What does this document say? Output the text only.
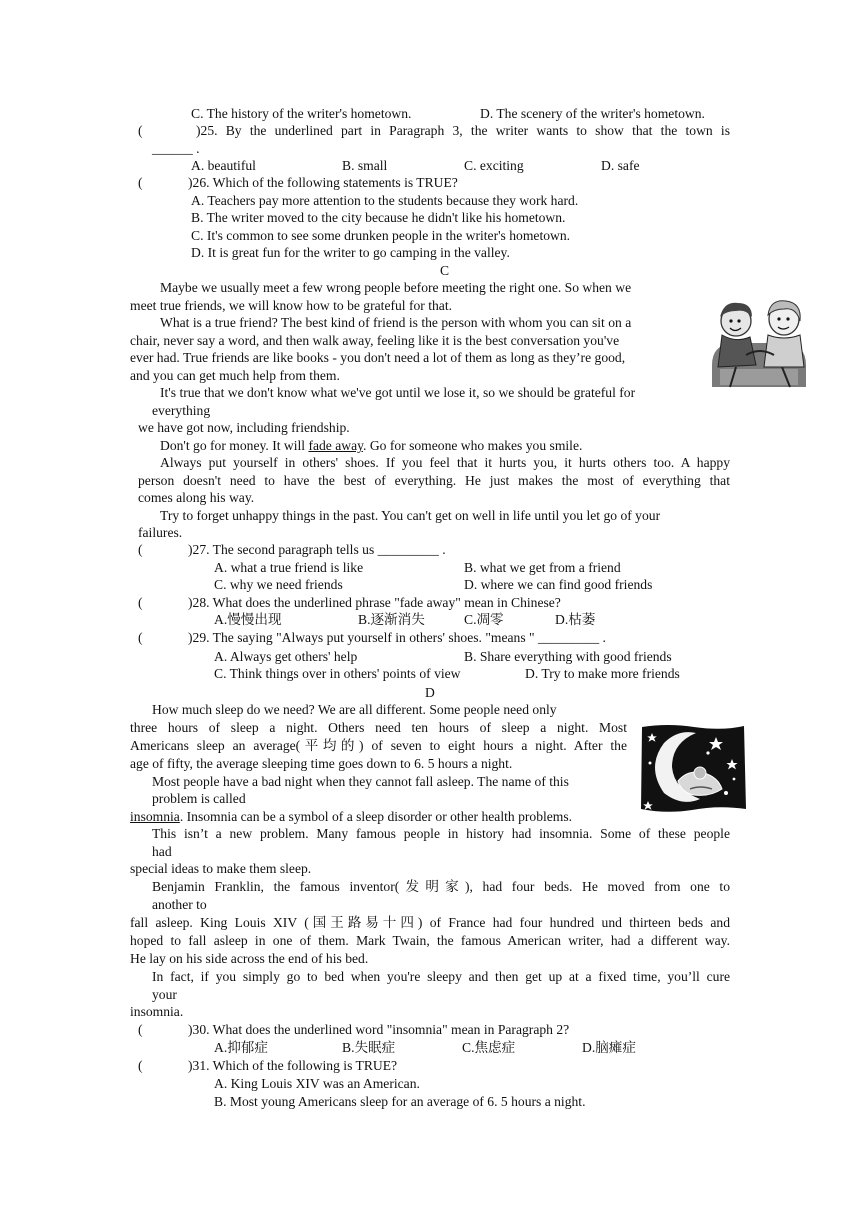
C. The history of the writer's hometown.	D. The scenery of the writer's hometown.
(	)25. By the underlined part in Paragraph 3, the writer wants to show that the town is
______ .
A. beautiful	B. small	C. exciting	D. safe
(	)26. Which of the following statements is TRUE?
A. Teachers pay more attention to the students because they work hard.
B. The writer moved to the city because he didn't like his hometown.
C. It's common to see some drunken people in the writer's hometown.
D. It is great fun for the writer to go camping in the valley.
C
Maybe we usually meet a few wrong people before meeting the right one. So when we
meet true friends, we will know how to be grateful for that.
What is a true friend? The best kind of friend is the person with whom you can sit on a
chair, never say a word, and then walk away, feeling like it is the best conversation you've
ever had. True friends are like books - you don't need a lot of them as long as they’re good,
and you can get much help from them.
It's true that we don't know what we've got until we lose it, so we should be grateful for
everything
we have got now, including friendship.
Don't go for money. It will fade away. Go for someone who makes you smile.
Always put yourself in others' shoes. If you feel that it hurts you, it hurts others too. A happy
person doesn't need to have the best of everything. He just makes the most of everything that
comes along his way.
Try to forget unhappy things in the past. You can't get on well in life until you let go of your
failures.
(	)27. The second paragraph tells us _________ .
A. what a true friend is like	B. what we get from a friend
C. why we need friends	D. where we can find good friends
(	)28. What does the underlined phrase "fade away" mean in Chinese?
A.慢慢出现	B.逐渐消失	C.凋零	D.枯萎
(	)29. The saying "Always put yourself in others' shoes. "means " _________ .
A. Always get others' help	B. Share everything with good friends
C. Think things over in others' points of view	D. Try to make more friends
D
How much sleep do we need? We are all different. Some people need only
three hours of sleep a night. Others need ten hours of sleep a night. Most
Americans sleep an average(平均的) of seven to eight hours a night. After the
age of fifty, the average sleeping time goes down to 6. 5 hours a night.
Most people have a bad night when they cannot fall asleep. The name of this
problem is called
insomnia. Insomnia can be a symbol of a sleep disorder or other health problems.
This isn’t a new problem. Many famous people in history had insomnia. Some of these people
had
special ideas to make them sleep.
Benjamin Franklin, the famous inventor(发明家), had four beds. He moved from one to
another to
fall asleep. King Louis XIV (国王路易十四) of France had four hundred und thirteen beds and
hoped to fall asleep in one of them. Mark Twain, the famous American writer, had a different way.
He lay on his side across the end of his bed.
In fact, if you simply go to bed when you're sleepy and then get up at a fixed time, you’ll cure
your
insomnia.
(	)30. What does the underlined word "insomnia" mean in Paragraph 2?
A.抑郁症	B.失眠症	C.焦虑症	D.脑瘫症
(	)31. Which of the following is TRUE?
A. King Louis XIV was an American.
B. Most young Americans sleep for an average of 6. 5 hours a night.
